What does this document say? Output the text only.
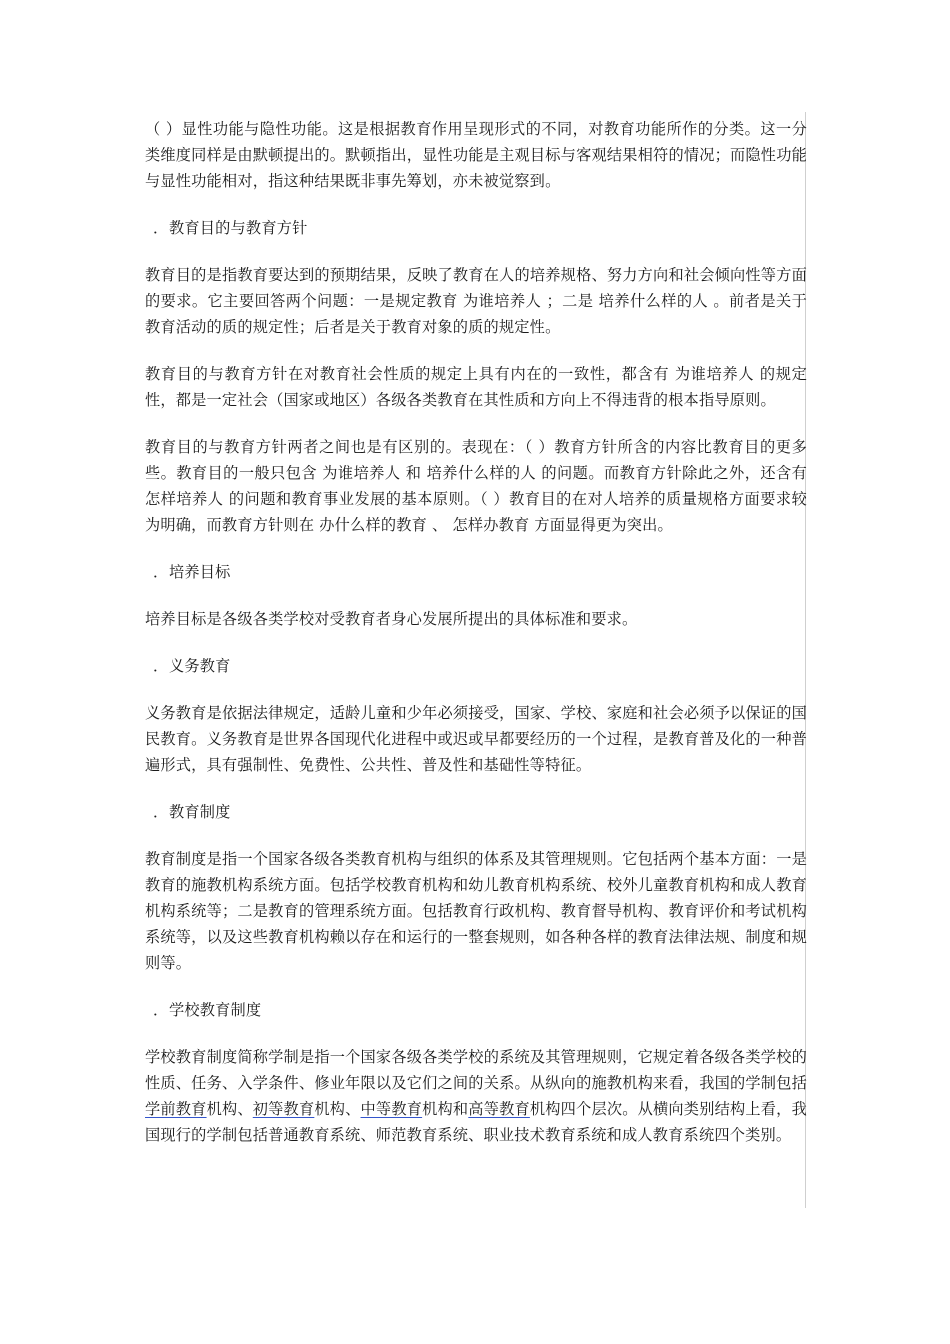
（ ）显性功能与隐性功能。这是根据教育作用呈现形式的不同，对教育功能所作的分类。这一分类维度同样是由默顿提出的。默顿指出，显性功能是主观目标与客观结果相符的情况；而隐性功能与显性功能相对，指这种结果既非事先筹划，亦未被觉察到。

．教育目的与教育方针

教育目的是指教育要达到的预期结果，反映了教育在人的培养规格、努力方向和社会倾向性等方面的要求。它主要回答两个问题：一是规定教育 为谁培养人 ；二是 培养什么样的人 。前者是关于教育活动的质的规定性；后者是关于教育对象的质的规定性。

教育目的与教育方针在对教育社会性质的规定上具有内在的一致性，都含有 为谁培养人 的规定性，都是一定社会（国家或地区）各级各类教育在其性质和方向上不得违背的根本指导原则。

教育目的与教育方针两者之间也是有区别的。表现在：（ ）教育方针所含的内容比教育目的更多些。教育目的一般只包含 为谁培养人 和 培养什么样的人 的问题。而教育方针除此之外，还含有 怎样培养人 的问题和教育事业发展的基本原则。（ ）教育目的在对人培养的质量规格方面要求较为明确，而教育方针则在 办什么样的教育 、 怎样办教育 方面显得更为突出。

．培养目标

培养目标是各级各类学校对受教育者身心发展所提出的具体标准和要求。

．义务教育

义务教育是依据法律规定，适龄儿童和少年必须接受，国家、学校、家庭和社会必须予以保证的国民教育。义务教育是世界各国现代化进程中或迟或早都要经历的一个过程，是教育普及化的一种普遍形式，具有强制性、免费性、公共性、普及性和基础性等特征。

．教育制度

教育制度是指一个国家各级各类教育机构与组织的体系及其管理规则。它包括两个基本方面：一是教育的施教机构系统方面。包括学校教育机构和幼儿教育机构系统、校外儿童教育机构和成人教育机构系统等；二是教育的管理系统方面。包括教育行政机构、教育督导机构、教育评价和考试机构系统等，以及这些教育机构赖以存在和运行的一整套规则，如各种各样的教育法律法规、制度和规则等。

．学校教育制度

学校教育制度简称学制是指一个国家各级各类学校的系统及其管理规则，它规定着各级各类学校的性质、任务、入学条件、修业年限以及它们之间的关系。从纵向的施教机构来看，我国的学制包括学前教育机构、初等教育机构、中等教育机构和高等教育机构四个层次。从横向类别结构上看，我国现行的学制包括普通教育系统、师范教育系统、职业技术教育系统和成人教育系统四个类别。
